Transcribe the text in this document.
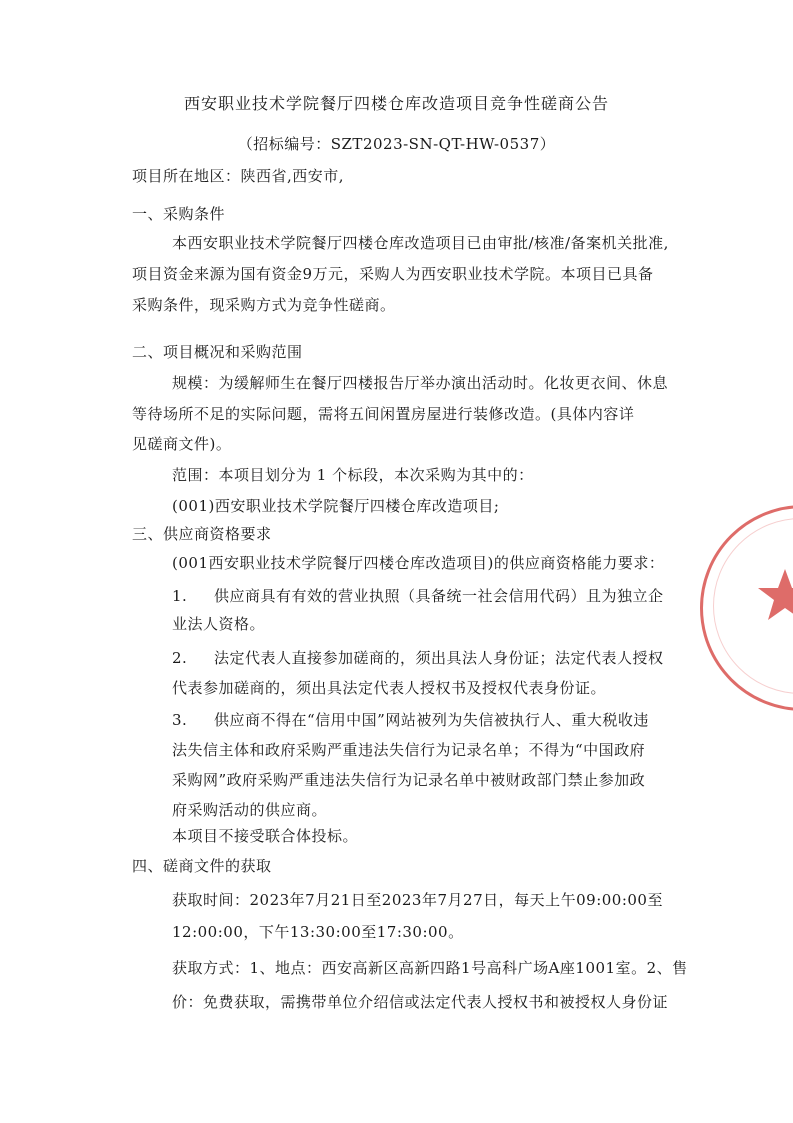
西安职业技术学院餐厅四楼仓库改造项目竞争性磋商公告
（招标编号：SZT2023-SN-QT-HW-0537）
项目所在地区：陕西省,西安市,
一、采购条件
本西安职业技术学院餐厅四楼仓库改造项目已由审批/核准/备案机关批准,
项目资金来源为国有资金9万元，采购人为西安职业技术学院。本项目已具备
采购条件，现采购方式为竞争性磋商。
二、项目概况和采购范围
规模：为缓解师生在餐厅四楼报告厅举办演出活动时。化妆更衣间、休息
等待场所不足的实际问题，需将五间闲置房屋进行装修改造。(具体内容详
见磋商文件)。
范围：本项目划分为 1 个标段，本次采购为其中的：
(001)西安职业技术学院餐厅四楼仓库改造项目;
三、供应商资格要求
(001西安职业技术学院餐厅四楼仓库改造项目)的供应商资格能力要求：
1. 供应商具有有效的营业执照（具备统一社会信用代码）且为独立企
业法人资格。
2. 法定代表人直接参加磋商的，须出具法人身份证；法定代表人授权
代表参加磋商的，须出具法定代表人授权书及授权代表身份证。
3. 供应商不得在“信用中国”网站被列为失信被执行人、重大税收违
法失信主体和政府采购严重违法失信行为记录名单；不得为“中国政府
采购网”政府采购严重违法失信行为记录名单中被财政部门禁止参加政
府采购活动的供应商。
本项目不接受联合体投标。
四、磋商文件的获取
获取时间：2023年7月21日至2023年7月27日，每天上午09:00:00至
12:00:00，下午13:30:00至17:30:00。
获取方式：1、地点：西安高新区高新四路1号高科广场A座1001室。2、售
价：免费获取，需携带单位介绍信或法定代表人授权书和被授权人身份证
